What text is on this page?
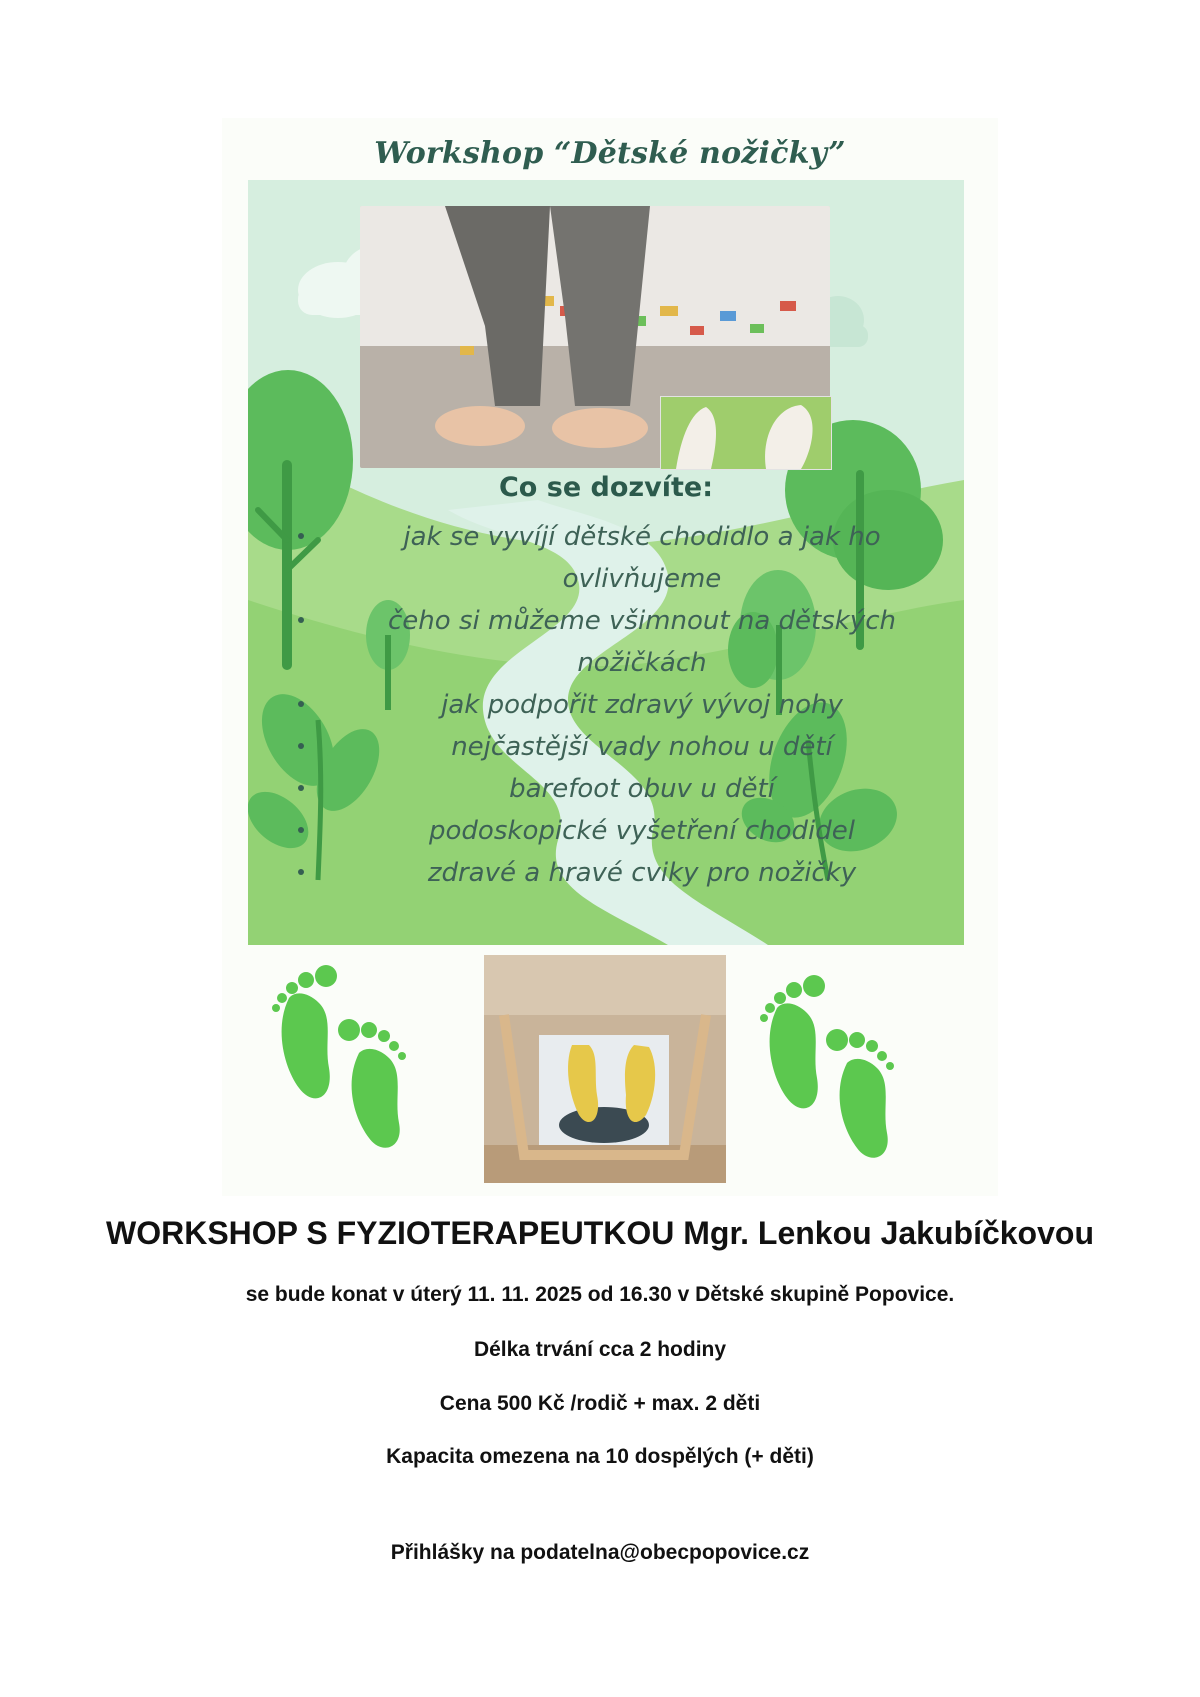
Workshop “Dětské nožičky”
Co se dozvíte:
jak se vyvíjí dětské chodidlo a jak ho ovlivňujeme
čeho si můžeme všimnout na dětských nožičkách
jak podpořit zdravý vývoj nohy
nejčastější vady nohou u dětí
barefoot obuv u dětí
podoskopické vyšetření chodidel
zdravé a hravé cviky pro nožičky
WORKSHOP S FYZIOTERAPEUTKOU Mgr. Lenkou Jakubíčkovou
se bude konat v úterý 11. 11. 2025 od 16.30 v Dětské skupině Popovice.
Délka trvání cca 2 hodiny
Cena 500 Kč /rodič + max. 2 děti
Kapacita omezena na 10 dospělých (+ děti)
Přihlášky na podatelna@obecpopovice.cz
